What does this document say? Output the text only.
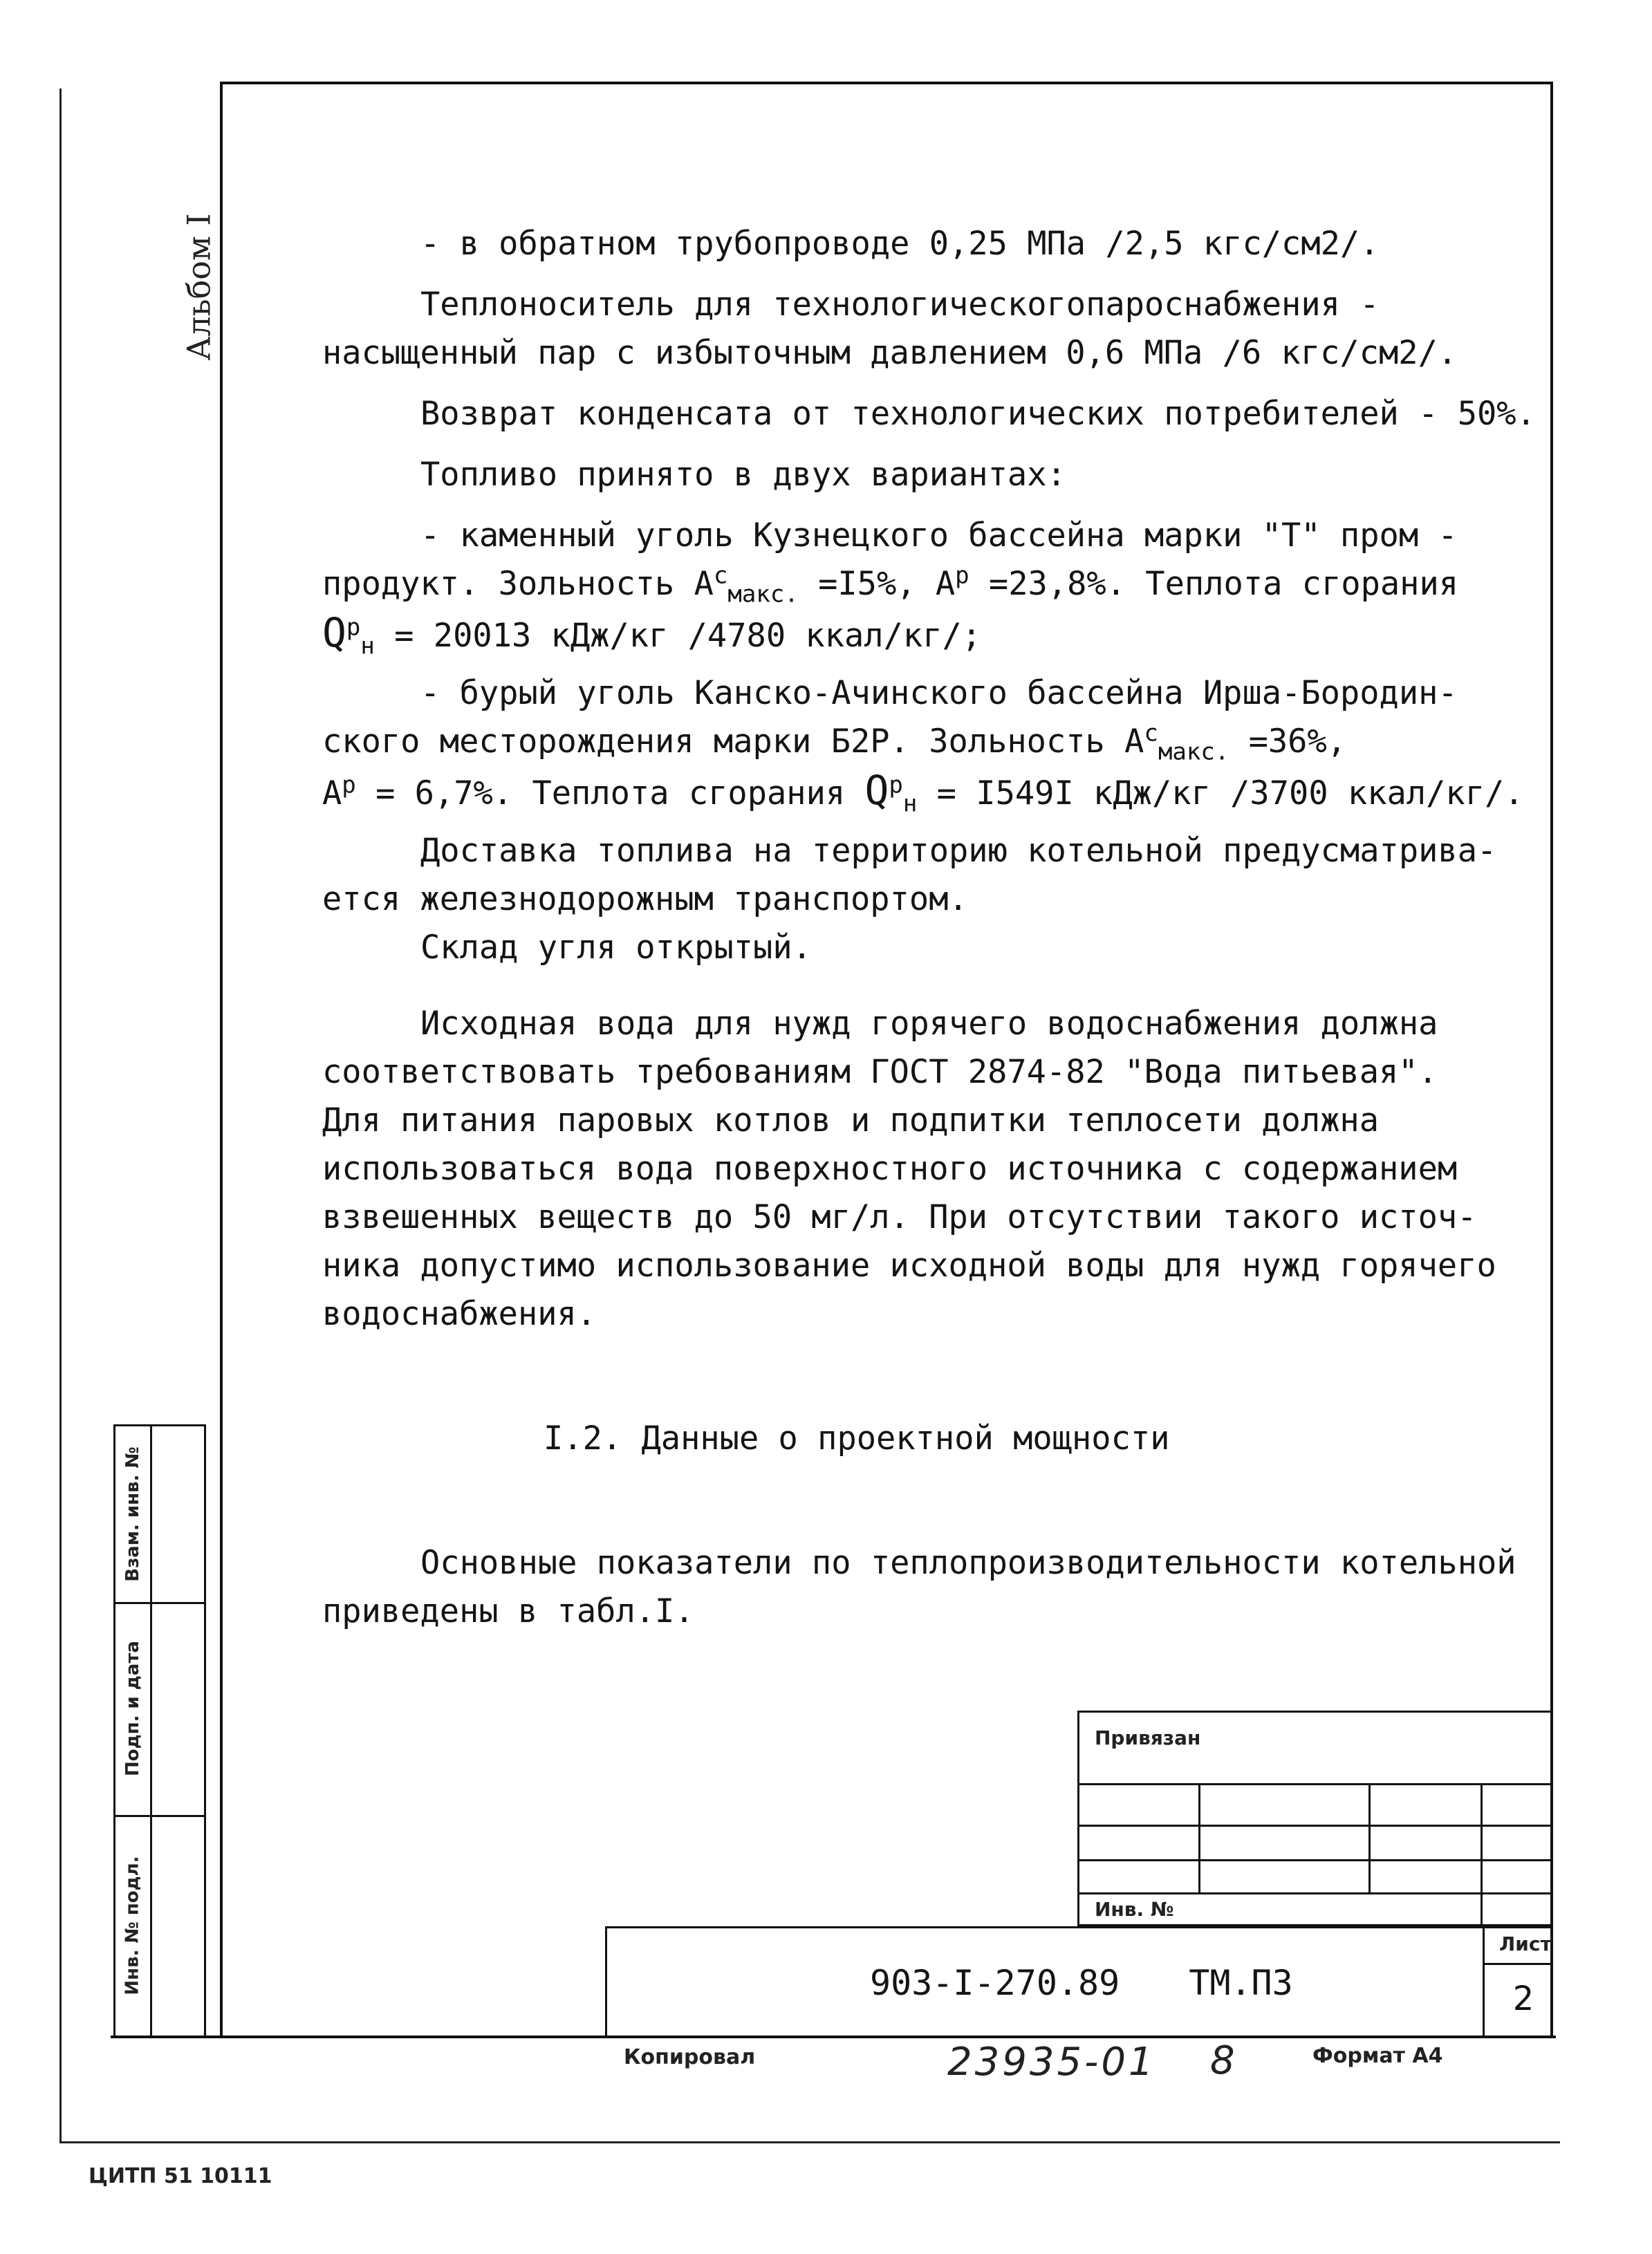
Альбом I	- в обратном трубопроводе 0,25 МПа /2,5 кгс/см2/.
Теплоноситель для технологическогопароснабжения -
насыщенный пар с избыточным давлением 0,6 МПа /6 кгс/см2/.
Возврат конденсата от технологических потребителей - 50%.
Топливо принято в двух вариантах:
- каменный уголь Кузнецкого бассейна марки "Т" пром -
продукт. Зольность $А^с_{макс.} =I5\%$, $А^р =23,8\%$. Теплота сгорания
$Q^р_н = 20013$ кДж/кг /4780 ккал/кг/;
- бурый уголь Канско-Ачинского бассейна Ирша-Бородин-
ского месторождения марки Б2Р. Зольность $А^с_{макс.} =36\%$,
$А^р = 6,7\%$. Теплота сгорания $Q^р_н = I549I$ кДж/кг /3700 ккал/кг/.
Доставка топлива на территорию котельной предусматрива-
ется железнодорожным транспортом.
Склад угля открытый.
Исходная вода для нужд горячего водоснабжения должна
соответствовать требованиям ГОСТ 2874-82 "Вода питьевая".
Для питания паровых котлов и подпитки теплосети должна
использоваться вода поверхностного источника с содержанием
взвешенных веществ до 50 мг/л. При отсутствии такого источ-
ника допустимо использование исходной воды для нужд горячего
водоснабжения.
I.2. Данные о проектной мощности
Основные показатели по теплопроизводительности котельной
приведены в табл.I.
Взам. инв. №
Подп. и дата
Инв. № подл.
Привязан
Инв. №
903-I-270.89 ТМ.ПЗ
Лист
2
Копировал	23935-01 8	Формат А4
ЦИТП 51 10111
